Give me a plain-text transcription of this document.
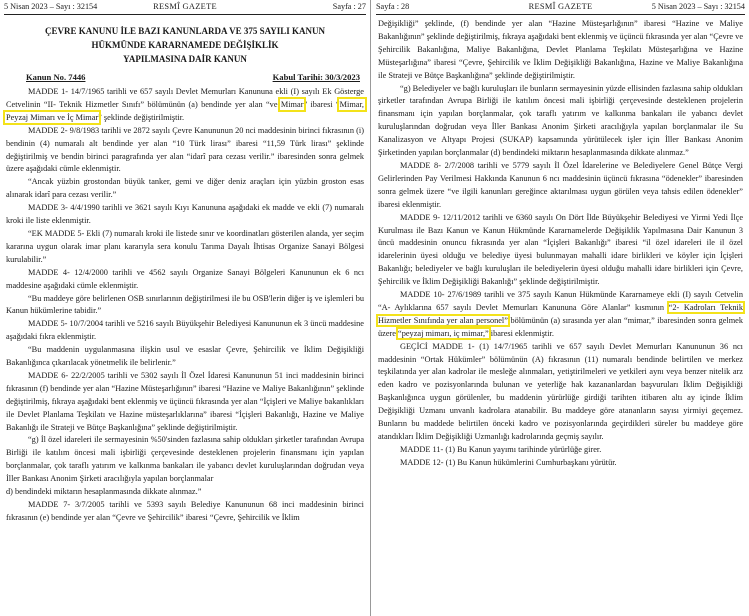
RESMÎ GAZETE
5 Nisan 2023 – Sayı : 32154	Sayfa : 27
ÇEVRE KANUNU İLE BAZI KANUNLARDA VE 375 SAYILI KANUN
HÜKMÜNDE KARARNAMEDE DEĞİŞİKLİK
YAPILMASINA DAİR KANUN
Kanun No. 7446	Kabul Tarihi: 30/3/2023

MADDE 1- 14/7/1965 tarihli ve 657 sayılı Devlet Memurları Kanununa ekli (I) sayılı Ek Gösterge Cetvelinin “II- Teknik Hizmetler Sınıfı” bölümünün (a) bendinde yer alan “ve Mimar” ibaresi “Mimar, Peyzaj Mimarı ve İç Mimar” şeklinde değiştirilmiştir.

MADDE 2- 9/8/1983 tarihli ve 2872 sayılı Çevre Kanununun 20 nci maddesinin birinci fıkrasının (i) bendinin (4) numaralı alt bendinde yer alan “10 Türk lirası” ibaresi “11,59 Türk lirası” şeklinde değiştirilmiş ve bendin birinci paragrafında yer alan “idarî para cezası verilir.” ibaresinden sonra gelmek üzere aşağıdaki cümle eklenmiştir.

“Ancak yüzbin grostondan büyük tanker, gemi ve diğer deniz araçları için yüzbin groston esas alınarak idarî para cezası verilir.”

MADDE 3- 4/4/1990 tarihli ve 3621 sayılı Kıyı Kanununa aşağıdaki ek madde ve ekli (7) numaralı kroki ile liste eklenmiştir.

“EK MADDE 5- Ekli (7) numaralı kroki ile listede sınır ve koordinatları gösterilen alanda, yer seçim kararına uygun olarak imar planı kararıyla sera konulu Tarıma Dayalı İhtisas Organize Sanayi Bölgesi kurulabilir.”

MADDE 4- 12/4/2000 tarihli ve 4562 sayılı Organize Sanayi Bölgeleri Kanununun ek 6 ncı maddesine aşağıdaki cümle eklenmiştir.

“Bu maddeye göre belirlenen OSB sınırlarının değiştirilmesi ile bu OSB'lerin diğer iş ve işlemleri bu Kanun hükümlerine tabidir.”

MADDE 5- 10/7/2004 tarihli ve 5216 sayılı Büyükşehir Belediyesi Kanununun ek 3 üncü maddesine aşağıdaki fıkra eklenmiştir.

“Bu maddenin uygulanmasına ilişkin usul ve esaslar Çevre, Şehircilik ve İklim Değişikliği Bakanlığınca çıkarılacak yönetmelik ile belirlenir.”

MADDE 6- 22/2/2005 tarihli ve 5302 sayılı İl Özel İdaresi Kanununun 51 inci maddesinin birinci fıkrasının (f) bendinde yer alan “Hazine Müsteşarlığının” ibaresi “Hazine ve Maliye Bakanlığının” şeklinde değiştirilmiş, fıkraya aşağıdaki bent eklenmiş ve üçüncü fıkrasında yer alan “İçişleri ve Maliye bakanlıkları ile Devlet Planlama Teşkilatı ve Hazine müsteşarlıklarına” ibaresi “İçişleri Bakanlığı, Hazine ve Maliye Bakanlığı ile Strateji ve Bütçe Başkanlığına” şeklinde değiştirilmiştir.

“g) İl özel idareleri ile sermayesinin %50'sinden fazlasına sahip oldukları şirketler tarafından Avrupa Birliği ile katılım öncesi mali işbirliği çerçevesinde desteklenen projelerin finansmanı için yapılan borçlanmalar, çok taraflı yatırım ve kalkınma bankaları ile yabancı devlet kuruluşlarından doğrudan veya İller Bankası Anonim Şirketi aracılığıyla yapılan borçlanmalar

d) bendindeki miktarın hesaplanmasında dikkate alınmaz.”

MADDE 7- 3/7/2005 tarihli ve 5393 sayılı Belediye Kanununun 68 inci maddesinin birinci fıkrasının (e) bendinde yer alan “Çevre ve Şehircilik” ibaresi “Çevre, Şehircilik ve İklim

RESMÎ GAZETE
Sayfa : 28	5 Nisan 2023 – Sayı : 32154

Değişikliği” şeklinde, (f) bendinde yer alan “Hazine Müsteşarlığının” ibaresi “Hazine ve Maliye Bakanlığının” şeklinde değiştirilmiş, fıkraya aşağıdaki bent eklenmiş ve üçüncü fıkrasında yer alan “Çevre ve Şehircilik Bakanlığına, Maliye Bakanlığına, Devlet Planlama Teşkilatı Müsteşarlığına ve Hazine Müsteşarlığına” ibaresi “Çevre, Şehircilik ve İklim Değişikliği Bakanlığına, Hazine ve Maliye Bakanlığına ile Strateji ve Bütçe Başkanlığına” şeklinde değiştirilmiştir.

“g) Belediyeler ve bağlı kuruluşları ile bunların sermayesinin yüzde ellisinden fazlasına sahip oldukları şirketler tarafından Avrupa Birliği ile katılım öncesi mali işbirliği çerçevesinde desteklenen projelerin finansmanı için yapılan borçlanmalar, çok taraflı yatırım ve kalkınma bankaları ile yabancı devlet kuruluşlarından doğrudan veya İller Bankası Anonim Şirketi aracılığıyla yapılan borçlanmalar ile Su Kanalizasyon ve Altyapı Projesi (SUKAP) kapsamında yürütülecek işler için İller Bankası Anonim Şirketinden yapılan borçlanmalar (d) bendindeki miktarın hesaplanmasında dikkate alınmaz.”

MADDE 8- 2/7/2008 tarihli ve 5779 sayılı İl Özel İdarelerine ve Belediyelere Genel Bütçe Vergi Gelirlerinden Pay Verilmesi Hakkında Kanunun 6 ncı maddesinin üçüncü fıkrasına “ödenekler” ibaresinden sonra gelmek üzere “ve ilgili kanunları gereğince aktarılması uygun görülen veya tahsis edilen ödenekler” ibaresi eklenmiştir.

MADDE 9- 12/11/2012 tarihli ve 6360 sayılı On Dört İlde Büyükşehir Belediyesi ve Yirmi Yedi İlçe Kurulması ile Bazı Kanun ve Kanun Hükmünde Kararnamelerde Değişiklik Yapılmasına Dair Kanunun 3 üncü maddesinin onuncu fıkrasında yer alan “İçişleri Bakanlığı” ibaresi “il özel idareleri ile il özel idarelerinin üyesi olduğu ve belediye üyesi bulunmayan mahalli idare birlikleri ve köyler için İçişleri Bakanlığı; belediyeler ve bağlı kuruluşları ile belediyelerin üyesi olduğu mahalli idare birlikleri için Çevre, Şehircilik ve İklim Değişikliği Bakanlığı” şeklinde değiştirilmiştir.

MADDE 10- 27/6/1989 tarihli ve 375 sayılı Kanun Hükmünde Kararnameye ekli (I) sayılı Cetvelin “A- Aylıklarına 657 sayılı Devlet Memurları Kanununa Göre Alanlar” kısmının “2- Kadroları Teknik Hizmetler Sınıfında yer alan personel” bölümünün (a) sırasında yer alan “mimar,” ibaresinden sonra gelmek üzere “peyzaj mimarı, iç mimar,” ibaresi eklenmiştir.

GEÇİCİ MADDE 1- (1) 14/7/1965 tarihli ve 657 sayılı Devlet Memurları Kanununun 36 ncı maddesinin “Ortak Hükümler” bölümünün (A) fıkrasının (11) numaralı bendinde belirtilen ve merkez teşkilatında yer alan kadrolar ile mesleğe alınmaları, yetiştirilmeleri ve yetkileri aynı veya benzer nitelik arz eden kadro ve pozisyonlarında bulunan ve yeterliğe hak kazananlardan başvuruları İklim Değişikliği Başkanlığınca uygun görülenler, bu maddenin yürürlüğe girdiği tarihten itibaren altı ay içinde İklim Değişikliği Uzmanı unvanlı kadrolara atanabilir. Bu maddeye göre atananların sayısı yirmiyi geçemez. Bunların bu maddede belirtilen önceki kadro ve pozisyonlarında geçirdikleri süreler bu maddeye göre atandıkları İklim Değişikliği Uzmanlığı kadrolarında geçmiş sayılır.

MADDE 11- (1) Bu Kanun yayımı tarihinde yürürlüğe girer.

MADDE 12- (1) Bu Kanun hükümlerini Cumhurbaşkanı yürütür.
